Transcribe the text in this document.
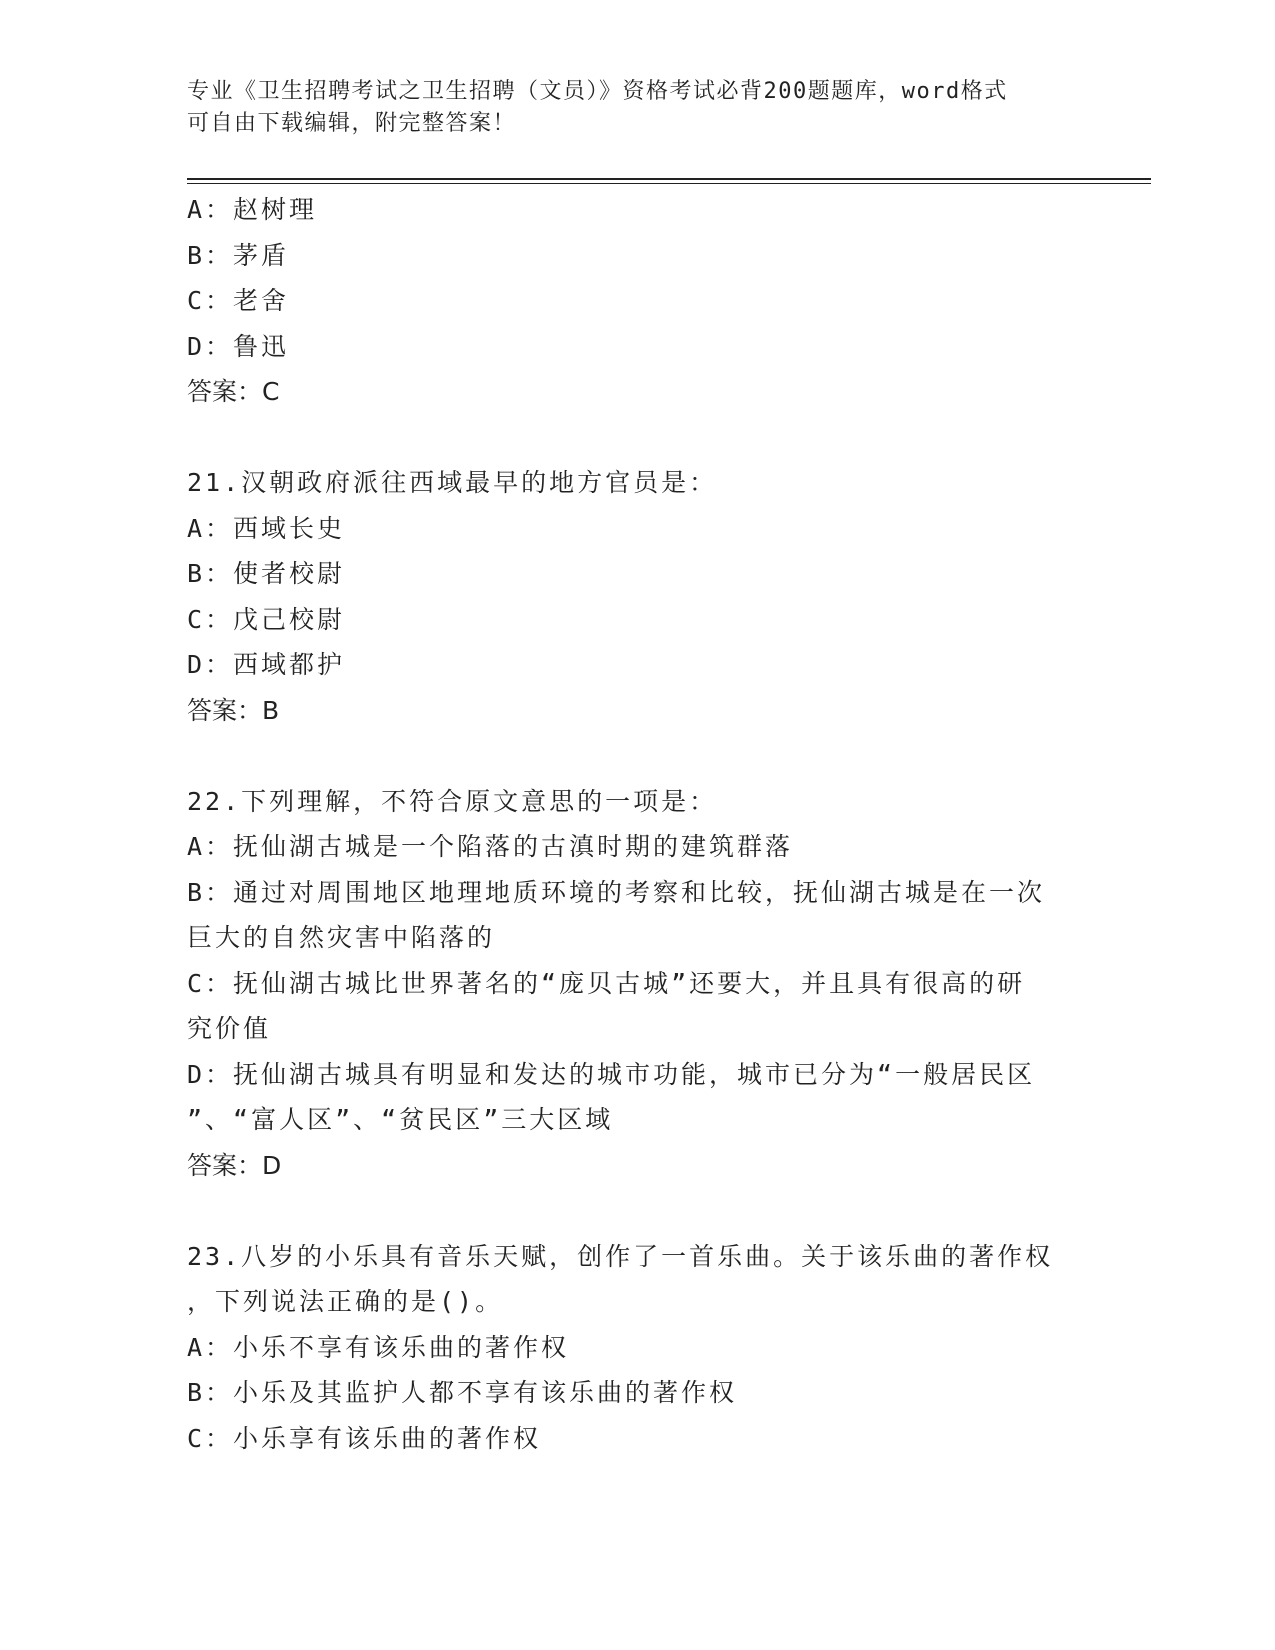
专业《卫生招聘考试之卫生招聘（文员）》资格考试必背200题题库，word格式
可自由下载编辑，附完整答案！
A：赵树理
B：茅盾
C：老舍
D：鲁迅
答案：C
21.汉朝政府派往西域最早的地方官员是：
A：西域长史
B：使者校尉
C：戊己校尉
D：西域都护
答案：B
22.下列理解，不符合原文意思的一项是：
A：抚仙湖古城是一个陷落的古滇时期的建筑群落
B：通过对周围地区地理地质环境的考察和比较，抚仙湖古城是在一次
巨大的自然灾害中陷落的
C：抚仙湖古城比世界著名的“庞贝古城”还要大，并且具有很高的研
究价值
D：抚仙湖古城具有明显和发达的城市功能，城市已分为“一般居民区
”、“富人区”、“贫民区”三大区域
答案：D
23.八岁的小乐具有音乐天赋，创作了一首乐曲。关于该乐曲的著作权
，下列说法正确的是()。
A：小乐不享有该乐曲的著作权
B：小乐及其监护人都不享有该乐曲的著作权
C：小乐享有该乐曲的著作权
